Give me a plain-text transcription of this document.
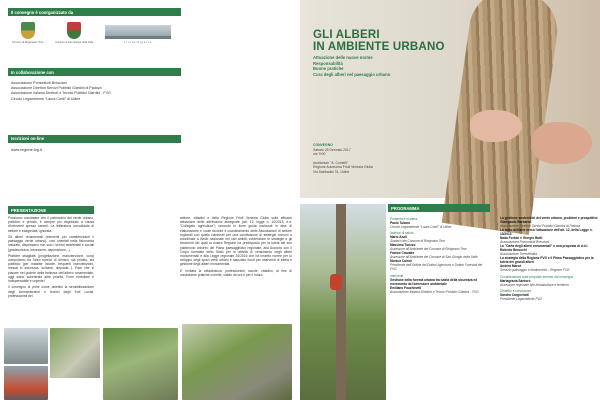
Il convegno è coorganizzato da
Comune di Ringmaster Turo	Comune di San Giorgio della Valle	friulardigorte
In collaborazione con
Associazione Pomontiviti Bresciani
Associazione Direttori Servizi Pubblici Giardini di Padova
Associazione Italiana Direttori e Tecnici Pubblici Giardini - FVG
Circolo Legambiente "Laura Conti" di Udine
Iscrizioni on-line
www.regione.fvg.it
GLI ALBERI
IN AMBIENTE URBANO
Attuazione delle nuove norme
Responsabilità
Buone pratiche
Cura degli alberi nel paesaggio urbano
CONVEGNO
Sabato 28 Gennaio 2017
ore 9:00
Auditorium "A. Comelli"
Regione Autonoma Friuli Venezia Giulia
Via Sabbadini 31, Udine
PRESENTAZIONE

Possiamo constatare che il patrimonio del verde urbano, pubblico e privato, è sempre più degradato a causa d'interventi spesso carenti. La letteratura consolidata di settore è trasgredita, ignorata.

Gli alberi ornamentali (elementi più caratterizzanti il paesaggio verde urbano), così orientati nella fisionomia naturale, dispensano non solo i servizi ambientali e sociali (gradevolezza, benessere, depurazione...).

Pratiche sbagliate (progettazione, manutenzione, cura) comportano tra l'altro spreco di denaro, sia privato, sia pubblico (per malattie indotte, frequenti manutenzioni, messa in sicurezza, schianti, rimpianti...). Pare che si placare nel godere della bellezza dell'albero ornamentale, oggi siano subentrate altre priorità. Pone rimediare è indispensabile e urgente!

Il convegno si pone come obiettivi la sensibilizzazione degli Amministratori e tecnici degli Enti Locali, professionisti del

settore, cittadini e della Regione Friuli Venezia Giulia sulla efficace attuazione delle attribuzioni assegnate (art. 12, legge n. 10/2013, e.d. "Collegato agricoltura") secondo le linee guida nazionali in fase di elaborazione e vuole favorire il coordinamento delle Associazioni di settore regionali con quelle nazionali per una condivisione di strategie comuni a coordinate a livello nazionale nei vari ambiti; evidenziare le strategie e gli strumenti dei quali la nostra Regione ha predisposto per la tutela del suo patrimonio arboreo del Piano paesaggistico regionale, alla Accordo con il Corpo forestale dello Stato per le attività di censimento degli alberi monumentali e alla Legge regionale 34/2016 che ha inserito norme per lo sviluppo degli spazi verdi urbani e stanziato fondi per interventi di tutela e gestione degli alberi monumentali.

E' invitata la cittadinanza, professionisti, scuole, cittadini, al fine di condividere pratiche corrette, valide da ora e per il futuro.

PROGRAMMA
Presenta e modera
Paolo Tubaro
Circolo Legambiente "Laura Conti" di Udine
Indirizzi di saluto
Mario Anzil
Sindaco del Comune di Rivignano Teor
Massimo Torizzo
Assessore all'Ambiente del Comune di Rivignano Teor
Franco Cravatte
Assessore all'Ambiente del Comune di San Giorgio della Valle
Monica Cairoli
Presidente dell'Ordine dei Dottori Agronomi e Dottori Forestali del FVG
Interventi
Gestione della foresta urbana tra tutela della sicurezza ed incremento del benessere ambientale
Emiliano Fauchinetti
Associazione Italiana Direttori e Tecnici Pubblici Giardini - FVG
La gestione sostenibile del verde urbano, problemi e prospettive
Giampaolo Barbariol
Associazione Direttori Servizi Pubblici Giardini di Padova
Lo stato dell'arte verso l'attuazione dell'art. 12, della Legge n. 10/2013
Nada Forbici e Giorgio Botti
Associazione Pomontiviti Bresciani
La "Carta degli alberi ornamentali" e una proposta di d.d.l.
Roberto Berocchi
Associazione Treeslebalta
La strategia della Regione FVG e il Piano Paesaggistico per la tutela dei grandi alberi
Andrea Maroè
Servizio paesaggio e biodiversità – Regione FVG
Considerazioni sulle proposte emerse dal convegno
Mariagrazia Santoro
Assessore regionale alle infrastrutture e territorio
Dibattito e conclusioni
Sandro Cargnelutti
Presidente Legambiente FVG
